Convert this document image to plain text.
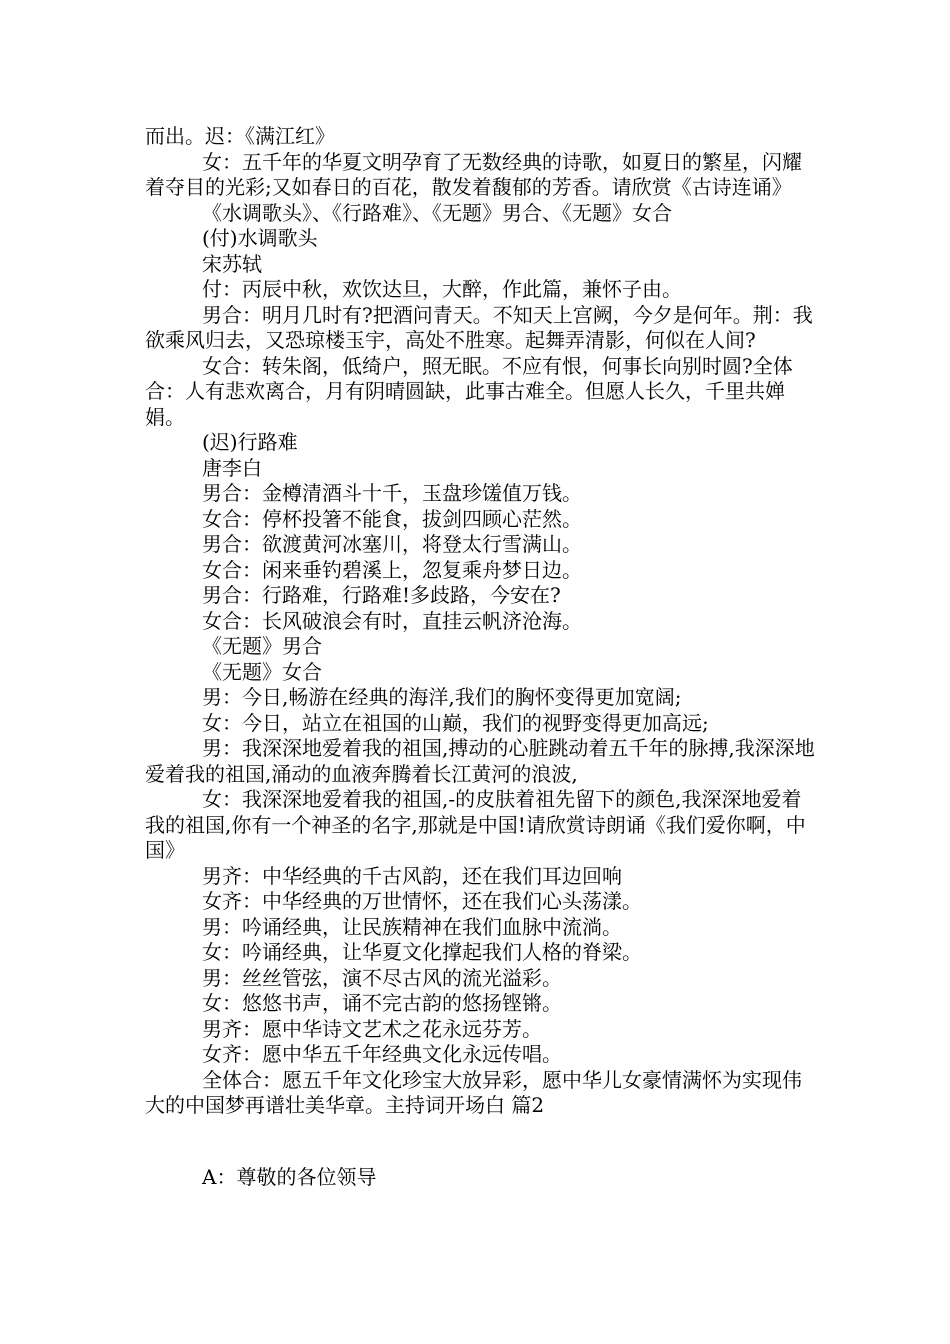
而出。迟：《满江红》

女：五千年的华夏文明孕育了无数经典的诗歌，如夏日的繁星，闪耀着夺目的光彩;又如春日的百花，散发着馥郁的芳香。请欣赏《古诗连诵》

《水调歌头》、《行路难》、《无题》男合、《无题》女合

(付)水调歌头

宋苏轼

付：丙辰中秋，欢饮达旦，大醉，作此篇，兼怀子由。

男合：明月几时有?把酒问青天。不知天上宫阙，今夕是何年。荆：我欲乘风归去，又恐琼楼玉宇，高处不胜寒。起舞弄清影，何似在人间?

女合：转朱阁，低绮户，照无眠。不应有恨，何事长向别时圆?全体合：人有悲欢离合，月有阴晴圆缺，此事古难全。但愿人长久，千里共婵娟。

(迟)行路难

唐李白

男合：金樽清酒斗十千，玉盘珍馐值万钱。

女合：停杯投箸不能食，拔剑四顾心茫然。

男合：欲渡黄河冰塞川，将登太行雪满山。

女合：闲来垂钓碧溪上，忽复乘舟梦日边。

男合：行路难，行路难!多歧路，今安在?

女合：长风破浪会有时，直挂云帆济沧海。

《无题》男合

《无题》女合

男：今日,畅游在经典的海洋,我们的胸怀变得更加宽阔;

女：今日，站立在祖国的山巅，我们的视野变得更加高远;

男：我深深地爱着我的祖国,搏动的心脏跳动着五千年的脉搏,我深深地爱着我的祖国,涌动的血液奔腾着长江黄河的浪波,

女：我深深地爱着我的祖国,-的皮肤着祖先留下的颜色,我深深地爱着我的祖国,你有一个神圣的名字,那就是中国!请欣赏诗朗诵《我们爱你啊，中国》

男齐：中华经典的千古风韵，还在我们耳边回响

女齐：中华经典的万世情怀，还在我们心头荡漾。

男：吟诵经典，让民族精神在我们血脉中流淌。

女：吟诵经典，让华夏文化撑起我们人格的脊梁。

男：丝丝管弦，演不尽古风的流光溢彩。

女：悠悠书声，诵不完古韵的悠扬铿锵。

男齐：愿中华诗文艺术之花永远芬芳。

女齐：愿中华五千年经典文化永远传唱。

全体合：愿五千年文化珍宝大放异彩，愿中华儿女豪情满怀为实现伟大的中国梦再谱壮美华章。主持词开场白 篇2

A：尊敬的各位领导
